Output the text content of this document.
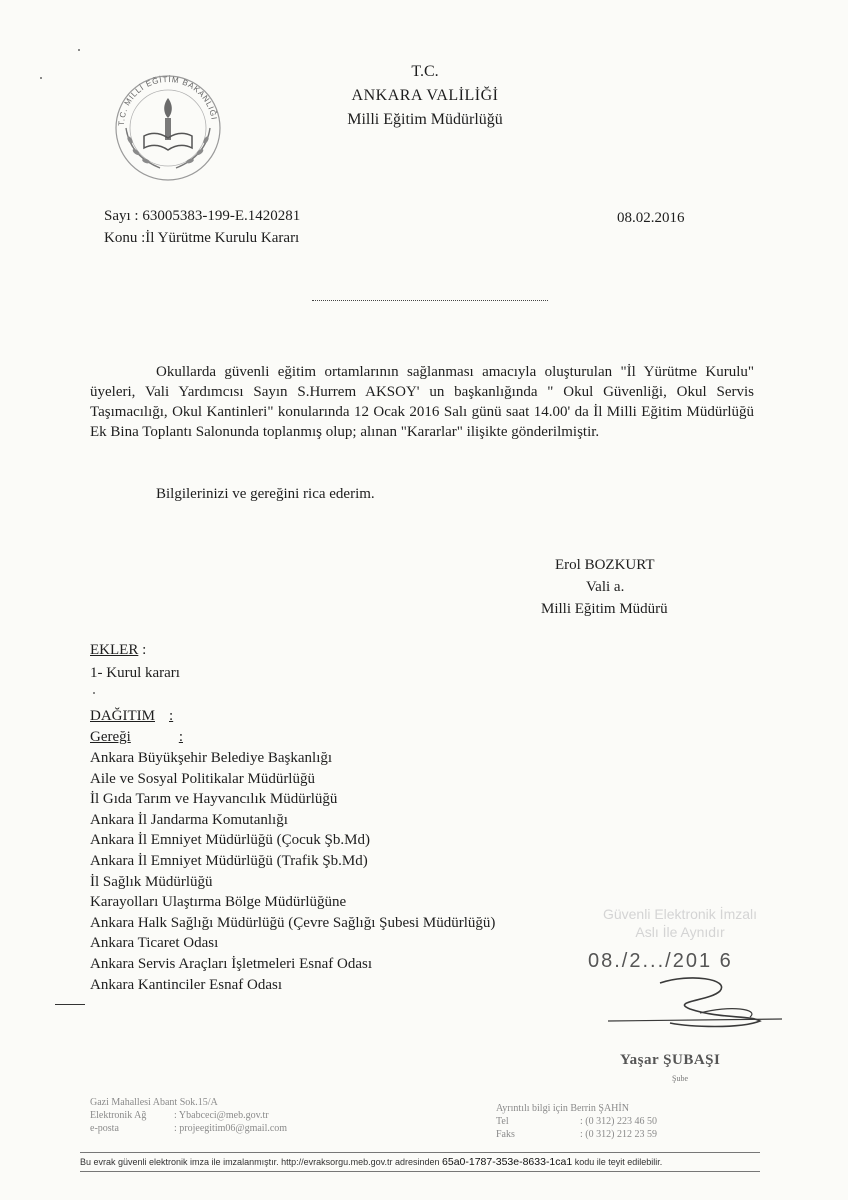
T.C. MİLLİ EĞİTİM BAKANLIĞI
T.C.
ANKARA VALİLİĞİ
Milli Eğitim Müdürlüğü
Sayı : 63005383-199-E.1420281
Konu :İl Yürütme Kurulu Kararı
08.02.2016
Okullarda güvenli eğitim ortamlarının sağlanması amacıyla oluşturulan "İl Yürütme Kurulu" üyeleri, Vali Yardımcısı Sayın S.Hurrem AKSOY' un başkanlığında " Okul Güvenliği, Okul Servis Taşımacılığı, Okul Kantinleri" konularında 12 Ocak 2016 Salı günü saat 14.00' da İl Milli Eğitim Müdürlüğü Ek Bina Toplantı Salonunda toplanmış olup; alınan "Kararlar" ilişikte gönderilmiştir.
Bilgilerinizi ve gereğini rica ederim.
Erol BOZKURT
Vali a.
Milli Eğitim Müdürü
EKLER :
1- Kurul kararı
DAĞITIM :
Gereği	:
Ankara Büyükşehir Belediye Başkanlığı
Aile ve Sosyal Politikalar Müdürlüğü
İl Gıda Tarım ve Hayvancılık Müdürlüğü
Ankara İl Jandarma Komutanlığı
Ankara İl Emniyet Müdürlüğü (Çocuk Şb.Md)
Ankara İl Emniyet Müdürlüğü (Trafik Şb.Md)
İl Sağlık Müdürlüğü
Karayolları Ulaştırma Bölge Müdürlüğüne
Ankara Halk Sağlığı Müdürlüğü (Çevre Sağlığı Şubesi Müdürlüğü)
Ankara Ticaret Odası
Ankara Servis Araçları İşletmeleri Esnaf Odası
Ankara Kantinciler Esnaf Odası
Güvenli Elektronik İmzalı
Aslı İle Aynıdır
08./2.../201 6
Yaşar ŞUBAŞI
Şube
Gazi Mahallesi Abant Sok.15/A
Elektronik Ağ	: Ybabceci@meb.gov.tr
e-posta	: projeegitim06@gmail.com
Ayrıntılı bilgi için Berrin ŞAHİN
Tel	: (0 312) 223 46 50
Faks	: (0 312) 212 23 59
Bu evrak güvenli elektronik imza ile imzalanmıştır. http://evraksorgu.meb.gov.tr adresinden 65a0-1787-353e-8633-1ca1 kodu ile teyit edilebilir.
